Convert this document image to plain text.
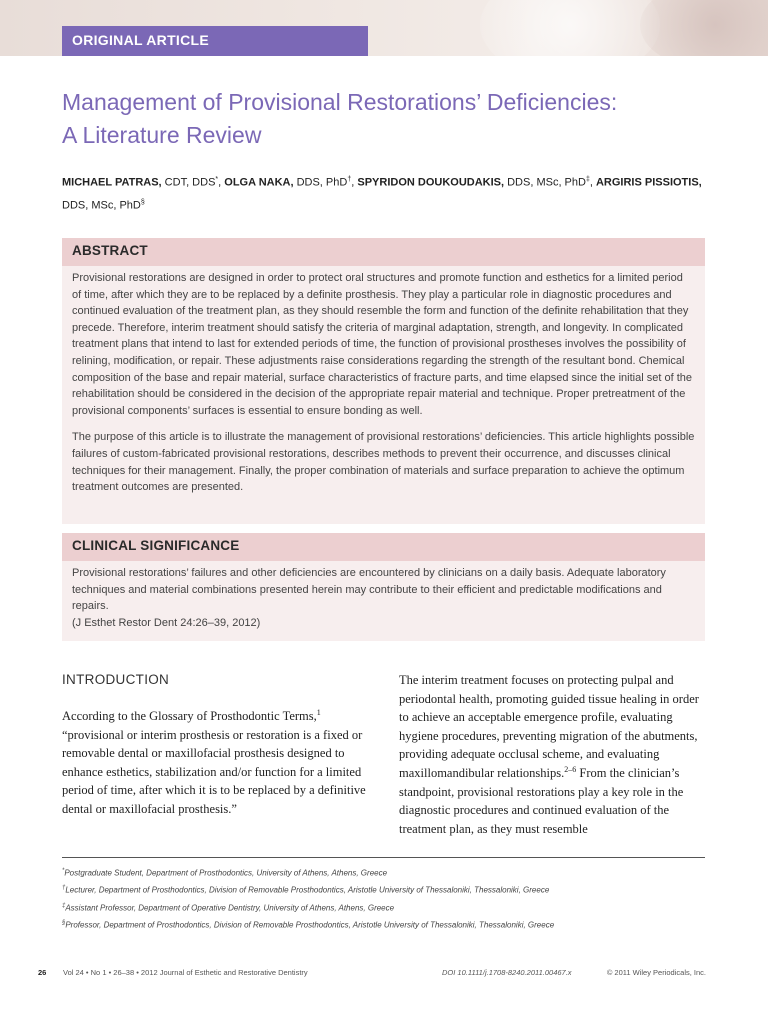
ORIGINAL ARTICLE
Management of Provisional Restorations’ Deficiencies:
A Literature Review
MICHAEL PATRAS, CDT, DDS*, OLGA NAKA, DDS, PhD†, SPYRIDON DOUKOUDAKIS, DDS, MSc, PhD‡, ARGIRIS PISSIOTIS, DDS, MSc, PhD§
ABSTRACT

Provisional restorations are designed in order to protect oral structures and promote function and esthetics for a limited period of time, after which they are to be replaced by a definite prosthesis. They play a particular role in diagnostic procedures and continued evaluation of the treatment plan, as they should resemble the form and function of the definite rehabilitation that they precede. Therefore, interim treatment should satisfy the criteria of marginal adaptation, strength, and longevity. In complicated treatment plans that intend to last for extended periods of time, the function of provisional prostheses involves the possibility of relining, modification, or repair. These adjustments raise considerations regarding the strength of the resultant bond. Chemical composition of the base and repair material, surface characteristics of fracture parts, and time elapsed since the initial set of the rehabilitation should be considered in the decision of the appropriate repair material and technique. Proper pretreatment of the provisional components’ surfaces is essential to ensure bonding as well.

The purpose of this article is to illustrate the management of provisional restorations’ deficiencies. This article highlights possible failures of custom-fabricated provisional restorations, describes methods to prevent their occurrence, and discusses clinical techniques for their management. Finally, the proper combination of materials and surface preparation to achieve the optimum treatment outcomes are presented.

CLINICAL SIGNIFICANCE
Provisional restorations’ failures and other deficiencies are encountered by clinicians on a daily basis. Adequate laboratory techniques and material combinations presented herein may contribute to their efficient and predictable modifications and repairs.
(J Esthet Restor Dent 24:26–39, 2012)
INTRODUCTION
According to the Glossary of Prosthodontic Terms,$^1$
“provisional or interim prosthesis or restoration is a fixed or removable dental or maxillofacial prosthesis designed to enhance esthetics, stabilization and/or function for a limited period of time, after which it is to be replaced by a definitive dental or maxillofacial prosthesis.”
The interim treatment focuses on protecting pulpal and periodontal health, promoting guided tissue healing in order to achieve an acceptable emergence profile, evaluating hygiene procedures, preventing migration of the abutments, providing adequate occlusal scheme, and evaluating maxillomandibular relationships.$^{2-6}$ From the clinician’s standpoint, provisional restorations play a key role in the diagnostic procedures and continued evaluation of the treatment plan, as they must resemble
*Postgraduate Student, Department of Prosthodontics, University of Athens, Athens, Greece
†Lecturer, Department of Prosthodontics, Division of Removable Prosthodontics, Aristotle University of Thessaloniki, Thessaloniki, Greece
‡Assistant Professor, Department of Operative Dentistry, University of Athens, Athens, Greece
§Professor, Department of Prosthodontics, Division of Removable Prosthodontics, Aristotle University of Thessaloniki, Thessaloniki, Greece
26 Vol 24 • No 1 • 26–38 • 2012 Journal of Esthetic and Restorative Dentistry	DOI 10.1111/j.1708-8240.2011.00467.x	© 2011 Wiley Periodicals, Inc.
